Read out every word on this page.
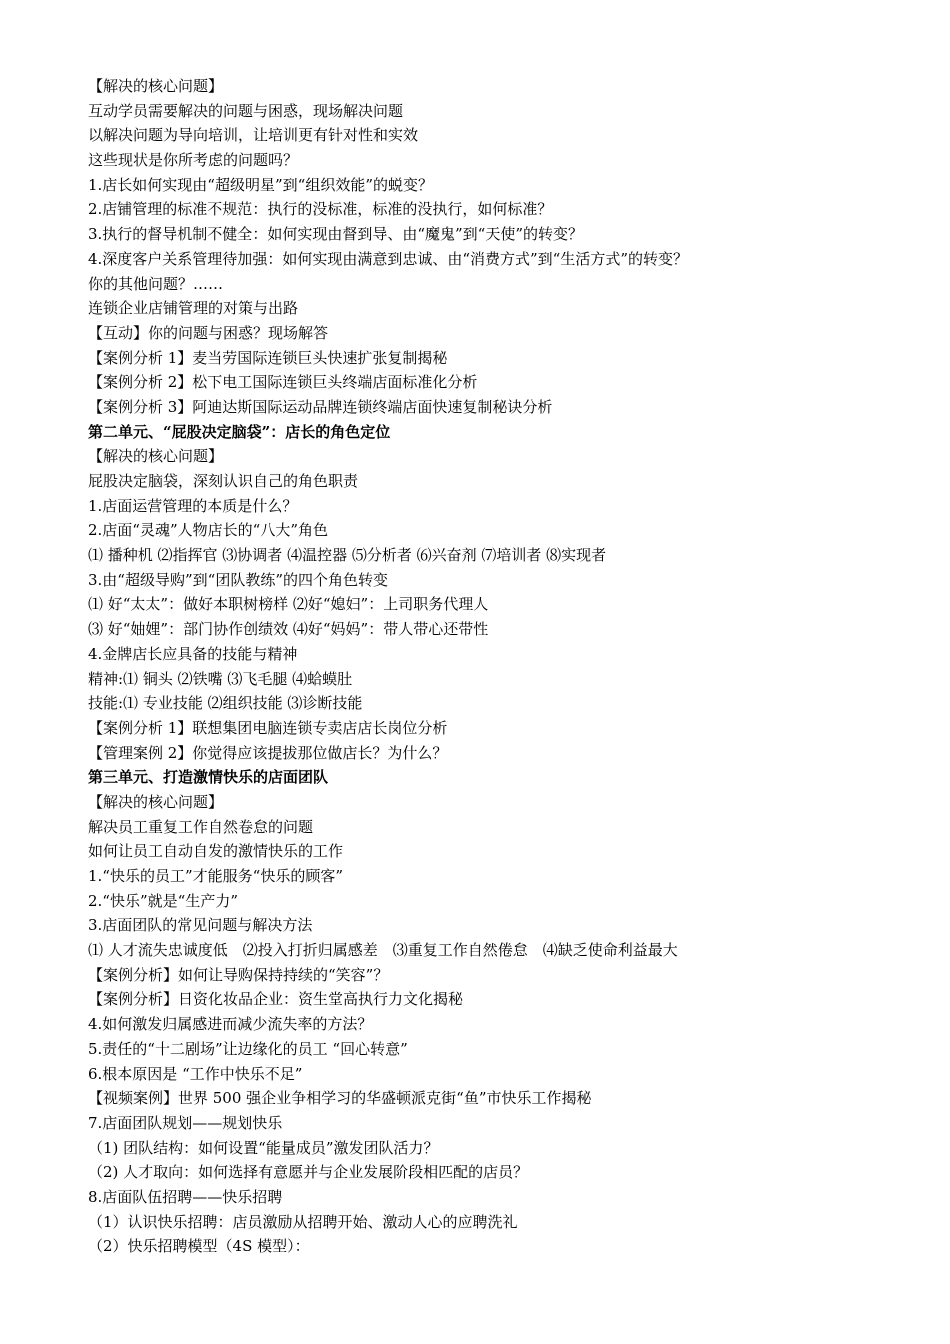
【解决的核心问题】
互动学员需要解决的问题与困惑，现场解决问题
以解决问题为导向培训，让培训更有针对性和实效
这些现状是你所考虑的问题吗？
1.店长如何实现由“超级明星”到“组织效能”的蜕变？
2.店铺管理的标准不规范：执行的没标准，标准的没执行，如何标准？
3.执行的督导机制不健全：如何实现由督到导、由“魔鬼”到“天使”的转变？
4.深度客户关系管理待加强：如何实现由满意到忠诚、由“消费方式”到“生活方式”的转变？
你的其他问题？……
连锁企业店铺管理的对策与出路
【互动】你的问题与困惑？现场解答
【案例分析 1】麦当劳国际连锁巨头快速扩张复制揭秘
【案例分析 2】松下电工国际连锁巨头终端店面标准化分析
【案例分析 3】阿迪达斯国际运动品牌连锁终端店面快速复制秘诀分析
第二单元、“屁股决定脑袋”：店长的角色定位
【解决的核心问题】
屁股决定脑袋，深刻认识自己的角色职责
1.店面运营管理的本质是什么？
2.店面“灵魂”人物店长的“八大”角色
⑴ 播种机 ⑵指挥官 ⑶协调者 ⑷温控器 ⑸分析者 ⑹兴奋剂 ⑺培训者 ⑻实现者
3.由“超级导购”到“团队教练”的四个角色转变
⑴ 好“太太”：做好本职树榜样 ⑵好“媳妇”：上司职务代理人
⑶ 好“妯娌”：部门协作创绩效 ⑷好“妈妈”：带人带心还带性
4.金牌店长应具备的技能与精神
精神:⑴ 铜头 ⑵铁嘴 ⑶飞毛腿 ⑷蛤蟆肚
技能:⑴ 专业技能 ⑵组织技能 ⑶诊断技能
【案例分析 1】联想集团电脑连锁专卖店店长岗位分析
【管理案例 2】你觉得应该提拔那位做店长？为什么？
第三单元、打造激情快乐的店面团队
【解决的核心问题】
解决员工重复工作自然卷怠的问题
如何让员工自动自发的激情快乐的工作
1.“快乐的员工”才能服务“快乐的顾客”
2.“快乐”就是“生产力”
3.店面团队的常见问题与解决方法
⑴ 人才流失忠诚度低　⑵投入打折归属感差　⑶重复工作自然倦怠　⑷缺乏使命利益最大
【案例分析】如何让导购保持持续的“笑容”？
【案例分析】日资化妆品企业：资生堂高执行力文化揭秘
4.如何激发归属感进而减少流失率的方法？
5.责任的“十二剧场”让边缘化的员工 “回心转意”
6.根本原因是 “工作中快乐不足”
【视频案例】世界 500 强企业争相学习的华盛顿派克街“鱼”市快乐工作揭秘
7.店面团队规划——规划快乐
（1) 团队结构：如何设置“能量成员”激发团队活力？
（2) 人才取向：如何选择有意愿并与企业发展阶段相匹配的店员？
8.店面队伍招聘——快乐招聘
（1）认识快乐招聘：店员激励从招聘开始、激动人心的应聘洗礼
（2）快乐招聘模型（4S 模型）：
